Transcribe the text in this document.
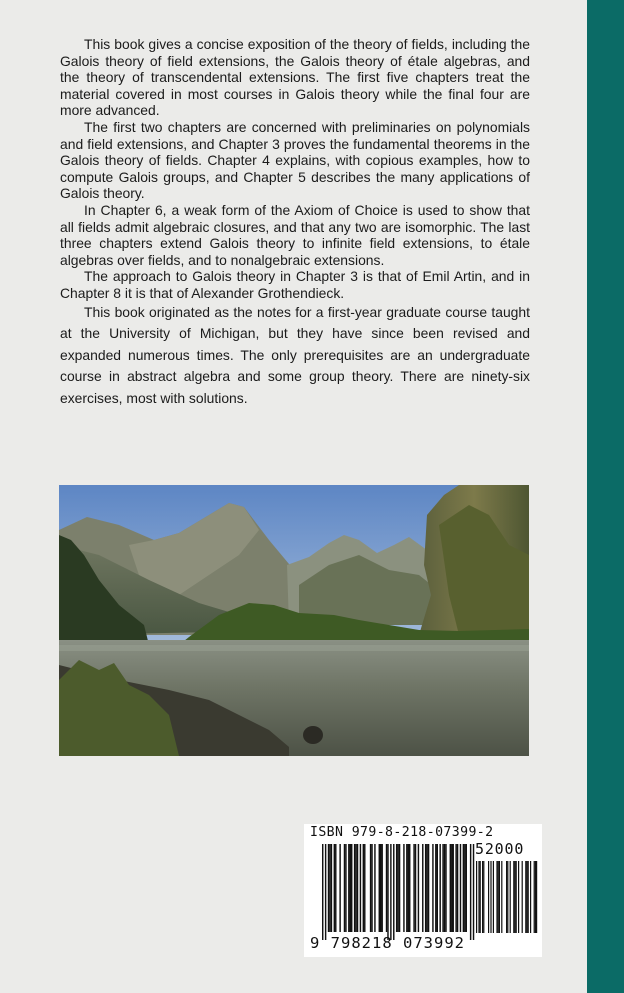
This book gives a concise exposition of the theory of fields, including the Galois theory of field extensions, the Galois theory of étale algebras, and the theory of transcendental extensions. The first five chapters treat the material covered in most courses in Galois theory while the final four are more advanced.

The first two chapters are concerned with preliminaries on polynomials and field extensions, and Chapter 3 proves the fundamental theorems in the Galois theory of fields. Chapter 4 explains, with copious examples, how to compute Galois groups, and Chapter 5 describes the many applications of Galois theory.

In Chapter 6, a weak form of the Axiom of Choice is used to show that all fields admit algebraic closures, and that any two are isomorphic. The last three chapters extend Galois theory to infinite field extensions, to étale algebras over fields, and to nonalgebraic extensions.

The approach to Galois theory in Chapter 3 is that of Emil Artin, and in Chapter 8 it is that of Alexander Grothendieck.

This book originated as the notes for a first-year graduate course taught at the University of Michigan, but they have since been revised and expanded numerous times. The only prerequisites are an undergraduate course in abstract algebra and some group theory. There are ninety-six exercises, most with solutions.

ISBN 979-8-218-07399-2
52000
9 798218 073992
